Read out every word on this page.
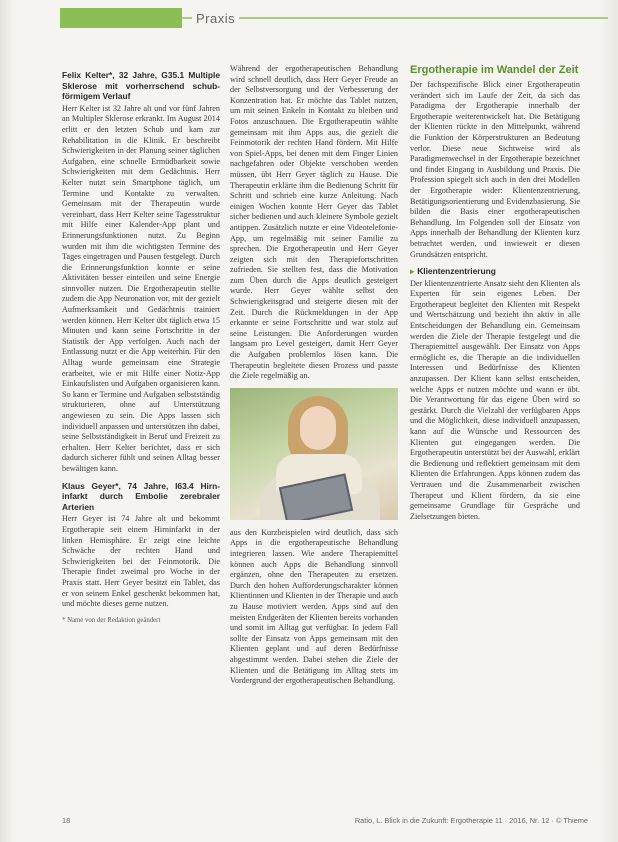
Praxis
Felix Kelter*, 32 Jahre, G35.1 Multiple Sklerose mit vorherrschend schub-förmigem Verlauf

Herr Kelter ist 32 Jahre alt und vor fünf Jahren an Multipler Sklerose erkrankt. Im August 2014 erlitt er den letzten Schub und kam zur Rehabilitation in die Klinik. Er beschreibt Schwierigkeiten in der Planung seiner täglichen Aufgaben, eine schnelle Ermüdbarkeit sowie Schwierigkeiten mit dem Gedächtnis. Herr Kelter nutzt sein Smartphone täglich, um Termine und Kontakte zu verwalten. Gemeinsam mit der Therapeutin wurde vereinbart, dass Herr Kelter seine Tagesstruktur mit Hilfe einer Kalender-App plant und Erinnerungsfunktionen nutzt. Zu Beginn wurden mit ihm die wichtigsten Termine des Tages eingetragen und Pausen festgelegt. Durch die Erinnerungsfunktion konnte er seine Aktivitäten besser einteilen und seine Energie sinnvoller nutzen. Die Ergotherapeutin stellte zudem die App Neuronation vor, mit der gezielt Aufmerksamkeit und Gedächtnis trainiert werden können. Herr Kelter übt täglich etwa 15 Minuten und kann seine Fortschritte in der Statistik der App verfolgen. Auch nach der Entlassung nutzt er die App weiterhin. Für den Alltag wurde gemeinsam eine Strategie erarbeitet, wie er mit Hilfe einer Notiz-App Einkaufslisten und Aufgaben organisieren kann. So kann er Termine und Aufgaben selbstständig strukturieren, ohne auf Unterstützung angewiesen zu sein. Die Apps lassen sich individuell anpassen und unterstützen ihn dabei, seine Selbstständigkeit in Beruf und Freizeit zu erhalten. Herr Kelter berichtet, dass er sich dadurch sicherer fühlt und seinen Alltag besser bewältigen kann.

Klaus Geyer*, 74 Jahre, I63.4 Hirn-infarkt durch Embolie zerebraler Arterien

Herr Geyer ist 74 Jahre alt und bekommt Ergotherapie seit einem Hirninfarkt in der linken Hemisphäre. Er zeigt eine leichte Schwäche der rechten Hand und Schwierigkeiten bei der Feinmotorik. Die Therapie findet zweimal pro Woche in der Praxis statt. Herr Geyer besitzt ein Tablet, das er von seinem Enkel geschenkt bekommen hat, und möchte dieses gerne nutzen.

* Name von der Redaktion geändert

Während der ergotherapeutischen Behandlung wird schnell deutlich, dass Herr Geyer Freude an der Selbstversorgung und der Verbesserung der Konzentration hat. Er möchte das Tablet nutzen, um mit seinen Enkeln in Kontakt zu bleiben und Fotos anzuschauen. Die Ergotherapeutin wählte gemeinsam mit ihm Apps aus, die gezielt die Feinmotorik der rechten Hand fördern. Mit Hilfe von Spiel-Apps, bei denen mit dem Finger Linien nachgefahren oder Objekte verschoben werden müssen, übt Herr Geyer täglich zu Hause. Die Therapeutin erklärte ihm die Bedienung Schritt für Schritt und schrieb eine kurze Anleitung. Nach einigen Wochen konnte Herr Geyer das Tablet sicher bedienen und auch kleinere Symbole gezielt antippen. Zusätzlich nutzte er eine Videotelefonie-App, um regelmäßig mit seiner Familie zu sprechen. Die Ergotherapeutin und Herr Geyer zeigten sich mit den Therapiefortschritten zufrieden. Sie stellten fest, dass die Motivation zum Üben durch die Apps deutlich gesteigert wurde. Herr Geyer wählte selbst den Schwierigkeitsgrad und steigerte diesen mit der Zeit. Durch die Rückmeldungen in der App erkannte er seine Fortschritte und war stolz auf seine Leistungen. Die Anforderungen wurden langsam pro Level gesteigert, damit Herr Geyer die Aufgaben problemlos lösen kann. Die Therapeutin begleitete diesen Prozess und passte die Ziele regelmäßig an.

aus den Kurzbeispielen wird deutlich, dass sich Apps in die ergotherapeutische Behandlung integrieren lassen. Wie andere Therapiemittel können auch Apps die Behandlung sinnvoll ergänzen, ohne den Therapeuten zu ersetzen. Durch den hohen Aufforderungscharakter können Klientinnen und Klienten in der Therapie und auch zu Hause motiviert werden. Apps sind auf den meisten Endgeräten der Klienten bereits vorhanden und somit im Alltag gut verfügbar. In jedem Fall sollte der Einsatz von Apps gemeinsam mit den Klienten geplant und auf deren Bedürfnisse abgestimmt werden. Dabei stehen die Ziele der Klienten und die Betätigung im Alltag stets im Vordergrund der ergotherapeutischen Behandlung.

Ergotherapie im Wandel der Zeit

Der fachspezifische Blick einer Ergotherapeutin verändert sich im Laufe der Zeit, da sich das Paradigma der Ergotherapie innerhalb der Ergotherapie weiterentwickelt hat. Die Betätigung der Klienten rückte in den Mittelpunkt, während die Funktion der Körperstrukturen an Bedeutung verlor. Diese neue Sichtweise wird als Paradigmenwechsel in der Ergotherapie bezeichnet und findet Eingang in Ausbildung und Praxis. Die Profession spiegelt sich auch in den drei Modellen der Ergotherapie wider: Klientenzentrierung, Betätigungsorientierung und Evidenzbasierung. Sie bilden die Basis einer ergotherapeutischen Behandlung. Im Folgenden soll der Einsatz von Apps innerhalb der Behandlung der Klienten kurz betrachtet werden, und inwieweit er diesen Grundsätzen entspricht.

▸ Klientenzentrierung

Der klientenzentrierte Ansatz sieht den Klienten als Experten für sein eigenes Leben. Der Ergotherapeut begleitet den Klienten mit Respekt und Wertschätzung und bezieht ihn aktiv in alle Entscheidungen der Behandlung ein. Gemeinsam werden die Ziele der Therapie festgelegt und die Therapiemittel ausgewählt. Der Einsatz von Apps ermöglicht es, die Therapie an die individuellen Interessen und Bedürfnisse des Klienten anzupassen. Der Klient kann selbst entscheiden, welche Apps er nutzen möchte und wann er übt. Die Verantwortung für das eigene Üben wird so gestärkt. Durch die Vielzahl der verfügbaren Apps und die Möglichkeit, diese individuell anzupassen, kann auf die Wünsche und Ressourcen des Klienten gut eingegangen werden. Die Ergotherapeutin unterstützt bei der Auswahl, erklärt die Bedienung und reflektiert gemeinsam mit dem Klienten die Erfahrungen. Apps können zudem das Vertrauen und die Zusammenarbeit zwischen Therapeut und Klient fördern, da sie eine gemeinsame Grundlage für Gespräche und Zielsetzungen bieten.

18	Ratio, L. Blick in die Zukunft: Ergotherapie 11 · 2016, Nr. 12 · © Thieme
